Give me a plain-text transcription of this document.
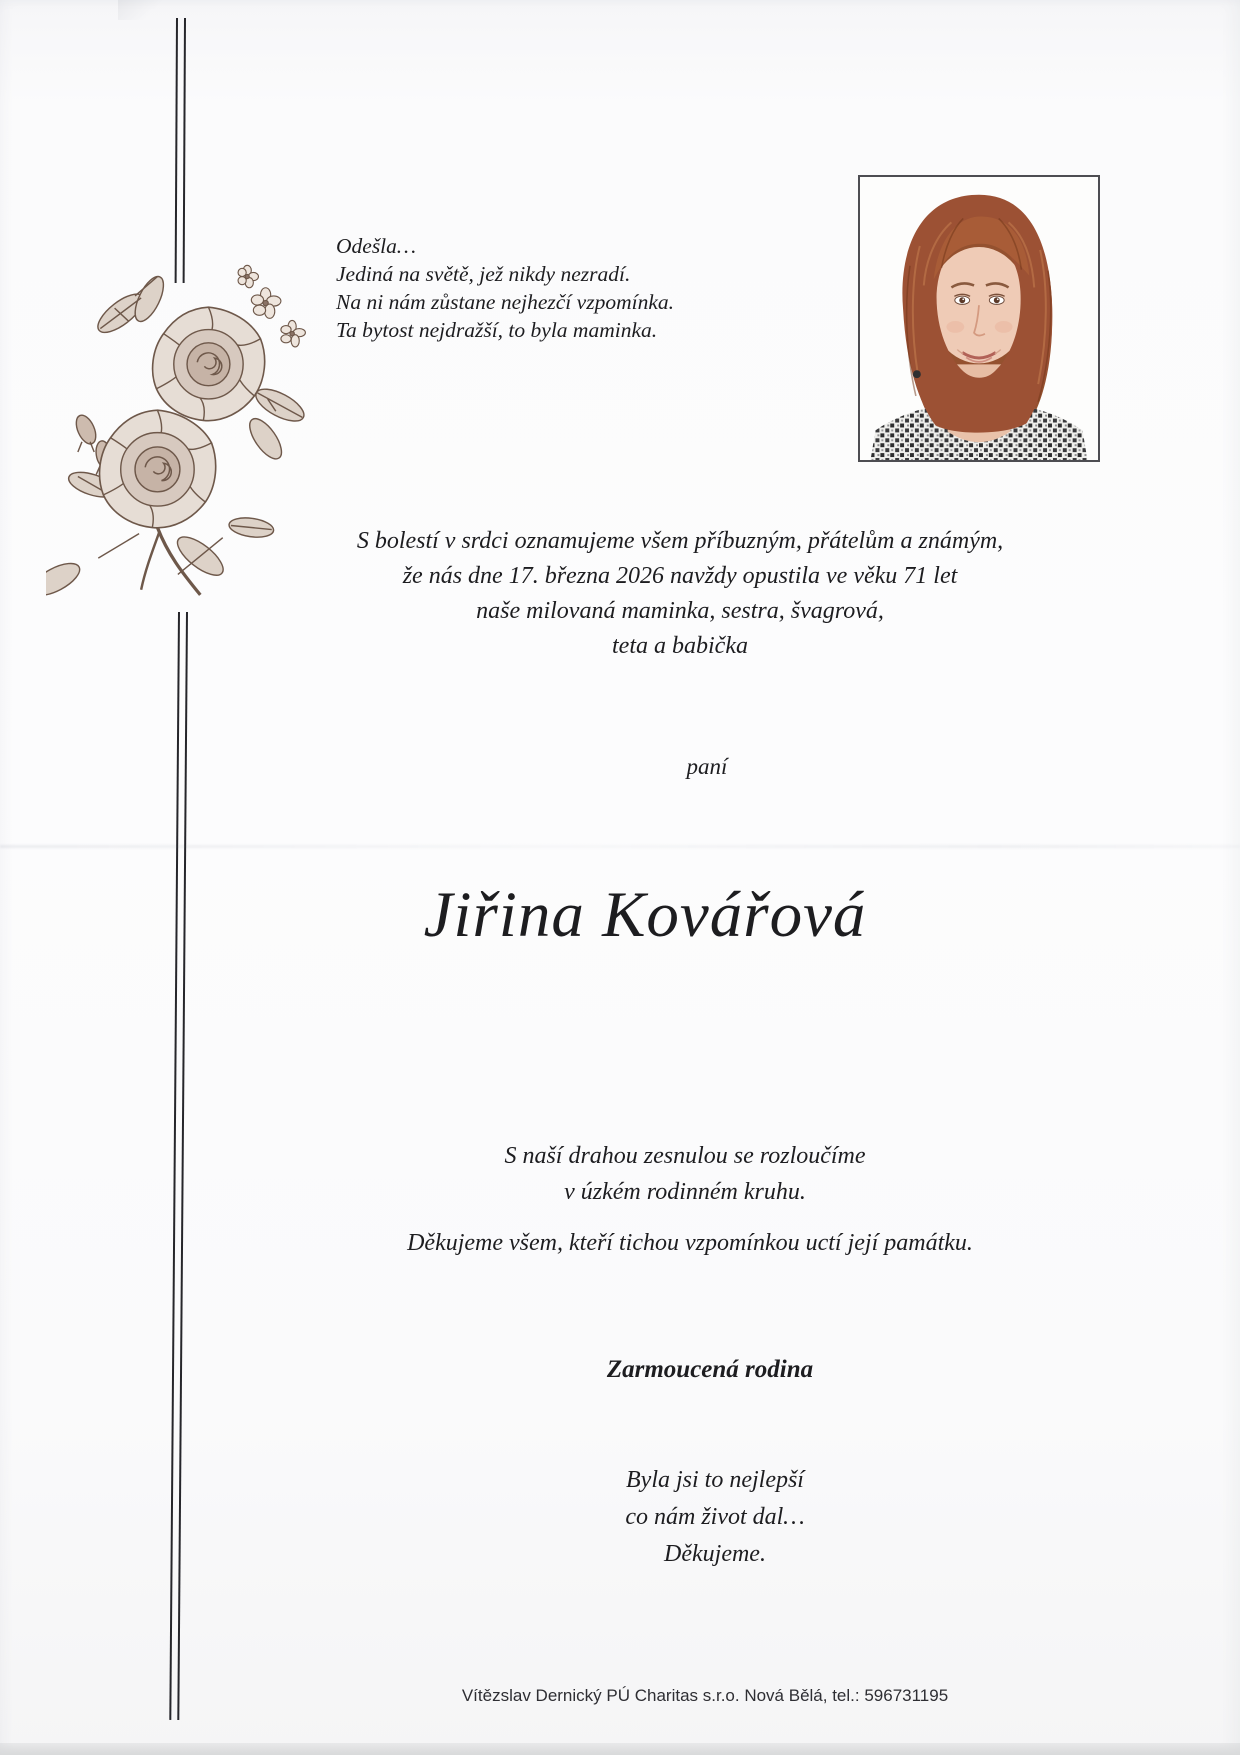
Odešla…

Jediná na světě, jež nikdy nezradí.

Na ni nám zůstane nejhezčí vzpomínka.

Ta bytost nejdražší, to byla maminka.

S bolestí v srdci oznamujeme všem příbuzným, přátelům a známým,

že nás dne 17. března 2026 navždy opustila ve věku 71 let

naše milovaná maminka, sestra, švagrová,

teta a babička

paní
Jiřina Kovářová

S naší drahou zesnulou se rozloučíme

v úzkém rodinném kruhu.

Děkujeme všem, kteří tichou vzpomínkou uctí její památku.
Zarmoucená rodina

Byla jsi to nejlepší

co nám život dal…

Děkujeme.

Vítězslav Dernický PÚ Charitas s.r.o. Nová Bělá, tel.: 596731195
